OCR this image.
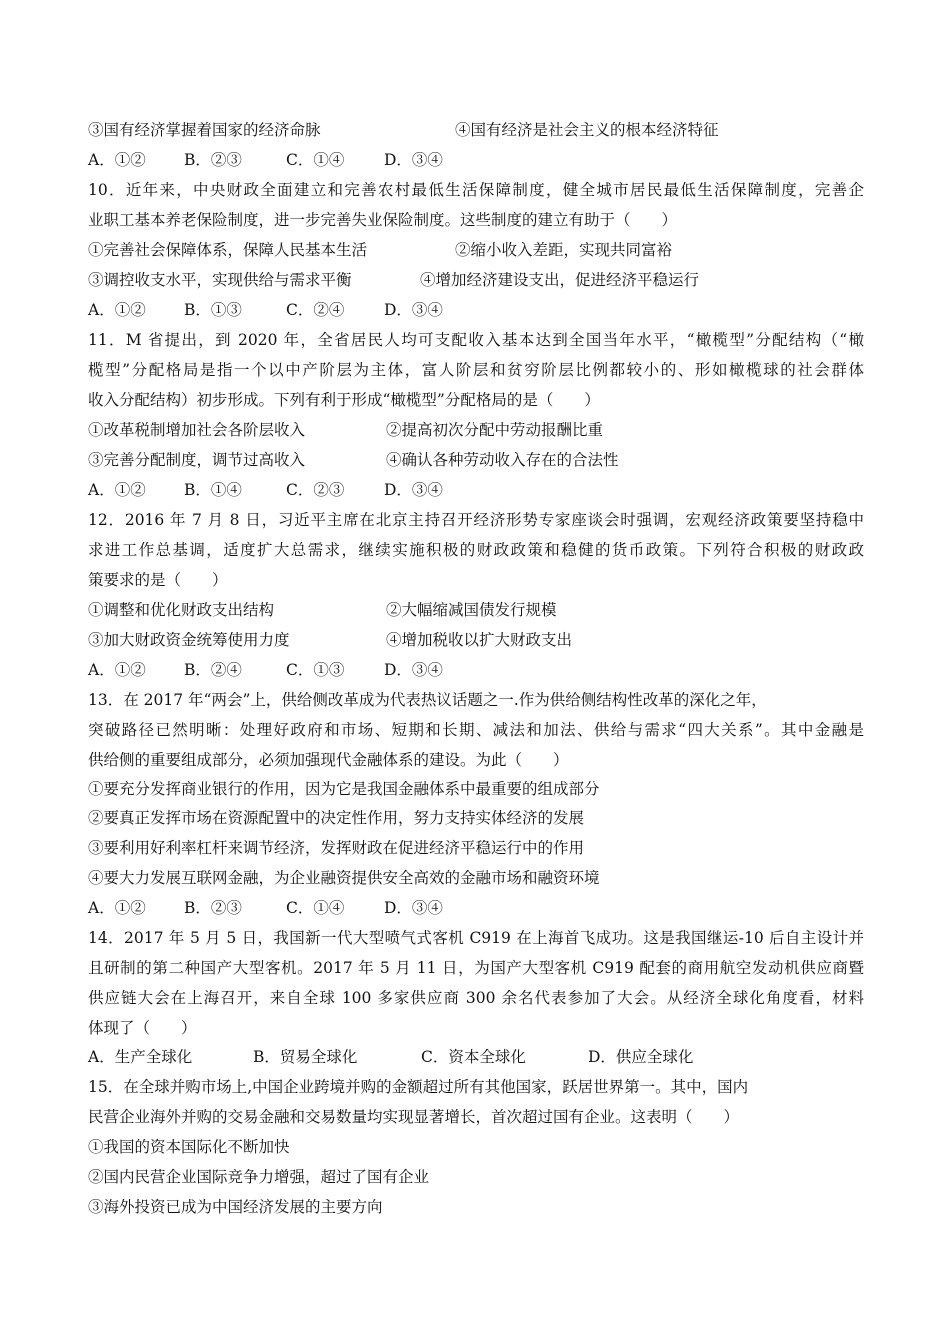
③国有经济掌握着国家的经济命脉	④国有经济是社会主义的根本经济特征
A．①② B．②③	C．①④	D．③④
10．近年来，中央财政全面建立和完善农村最低生活保障制度，健全城市居民最低生活保障制度，完善企
业职工基本养老保险制度，进一步完善失业保险制度。这些制度的建立有助于（　　）
①完善社会保障体系，保障人民基本生活	②缩小收入差距，实现共同富裕
③调控收支水平，实现供给与需求平衡	④增加经济建设支出，促进经济平稳运行
A．①② B．①③	C．②④	D．③④
11．M 省提出，到 2020 年，全省居民人均可支配收入基本达到全国当年水平，“橄榄型”分配结构（“橄
榄型”分配格局是指一个以中产阶层为主体，富人阶层和贫穷阶层比例都较小的、形如橄榄球的社会群体
收入分配结构）初步形成。下列有利于形成“橄榄型”分配格局的是（　　）
①改革税制增加社会各阶层收入	②提高初次分配中劳动报酬比重
③完善分配制度，调节过高收入	④确认各种劳动收入存在的合法性
A．①② B．①④	C．②③	D．③④
12．2016 年 7 月 8 日，习近平主席在北京主持召开经济形势专家座谈会时强调，宏观经济政策要坚持稳中
求进工作总基调，适度扩大总需求，继续实施积极的财政政策和稳健的货币政策。下列符合积极的财政政
策要求的是（　　）
①调整和优化财政支出结构	②大幅缩减国债发行规模
③加大财政资金统筹使用力度	④增加税收以扩大财政支出
A．①② B．②④	C．①③	D．③④
13．在 2017 年“两会”上，供给侧改革成为代表热议话题之一.作为供给侧结构性改革的深化之年，
突破路径已然明晰：处理好政府和市场、短期和长期、减法和加法、供给与需求“四大关系”。其中金融是
供给侧的重要组成部分，必须加强现代金融体系的建设。为此（　　）
①要充分发挥商业银行的作用，因为它是我国金融体系中最重要的组成部分
②要真正发挥市场在资源配置中的决定性作用，努力支持实体经济的发展
③要利用好利率杠杆来调节经济，发挥财政在促进经济平稳运行中的作用
④要大力发展互联网金融，为企业融资提供安全高效的金融市场和融资环境
A．①② B．②③	C．①④	D．③④
14．2017 年 5 月 5 日，我国新一代大型喷气式客机 C919 在上海首飞成功。这是我国继运-10 后自主设计并
且研制的第二种国产大型客机。2017 年 5 月 11 日，为国产大型客机 C919 配套的商用航空发动机供应商暨
供应链大会在上海召开，来自全球 100 多家供应商 300 余名代表参加了大会。从经济全球化角度看，材料
体现了（　　）
A．生产全球化	B．贸易全球化	C．资本全球化	D．供应全球化
15．在全球并购市场上,中国企业跨境并购的金额超过所有其他国家，跃居世界第一。其中，国内
民营企业海外并购的交易金融和交易数量均实现显著增长，首次超过国有企业。这表明（　　）
①我国的资本国际化不断加快
②国内民营企业国际竞争力增强，超过了国有企业
③海外投资已成为中国经济发展的主要方向
